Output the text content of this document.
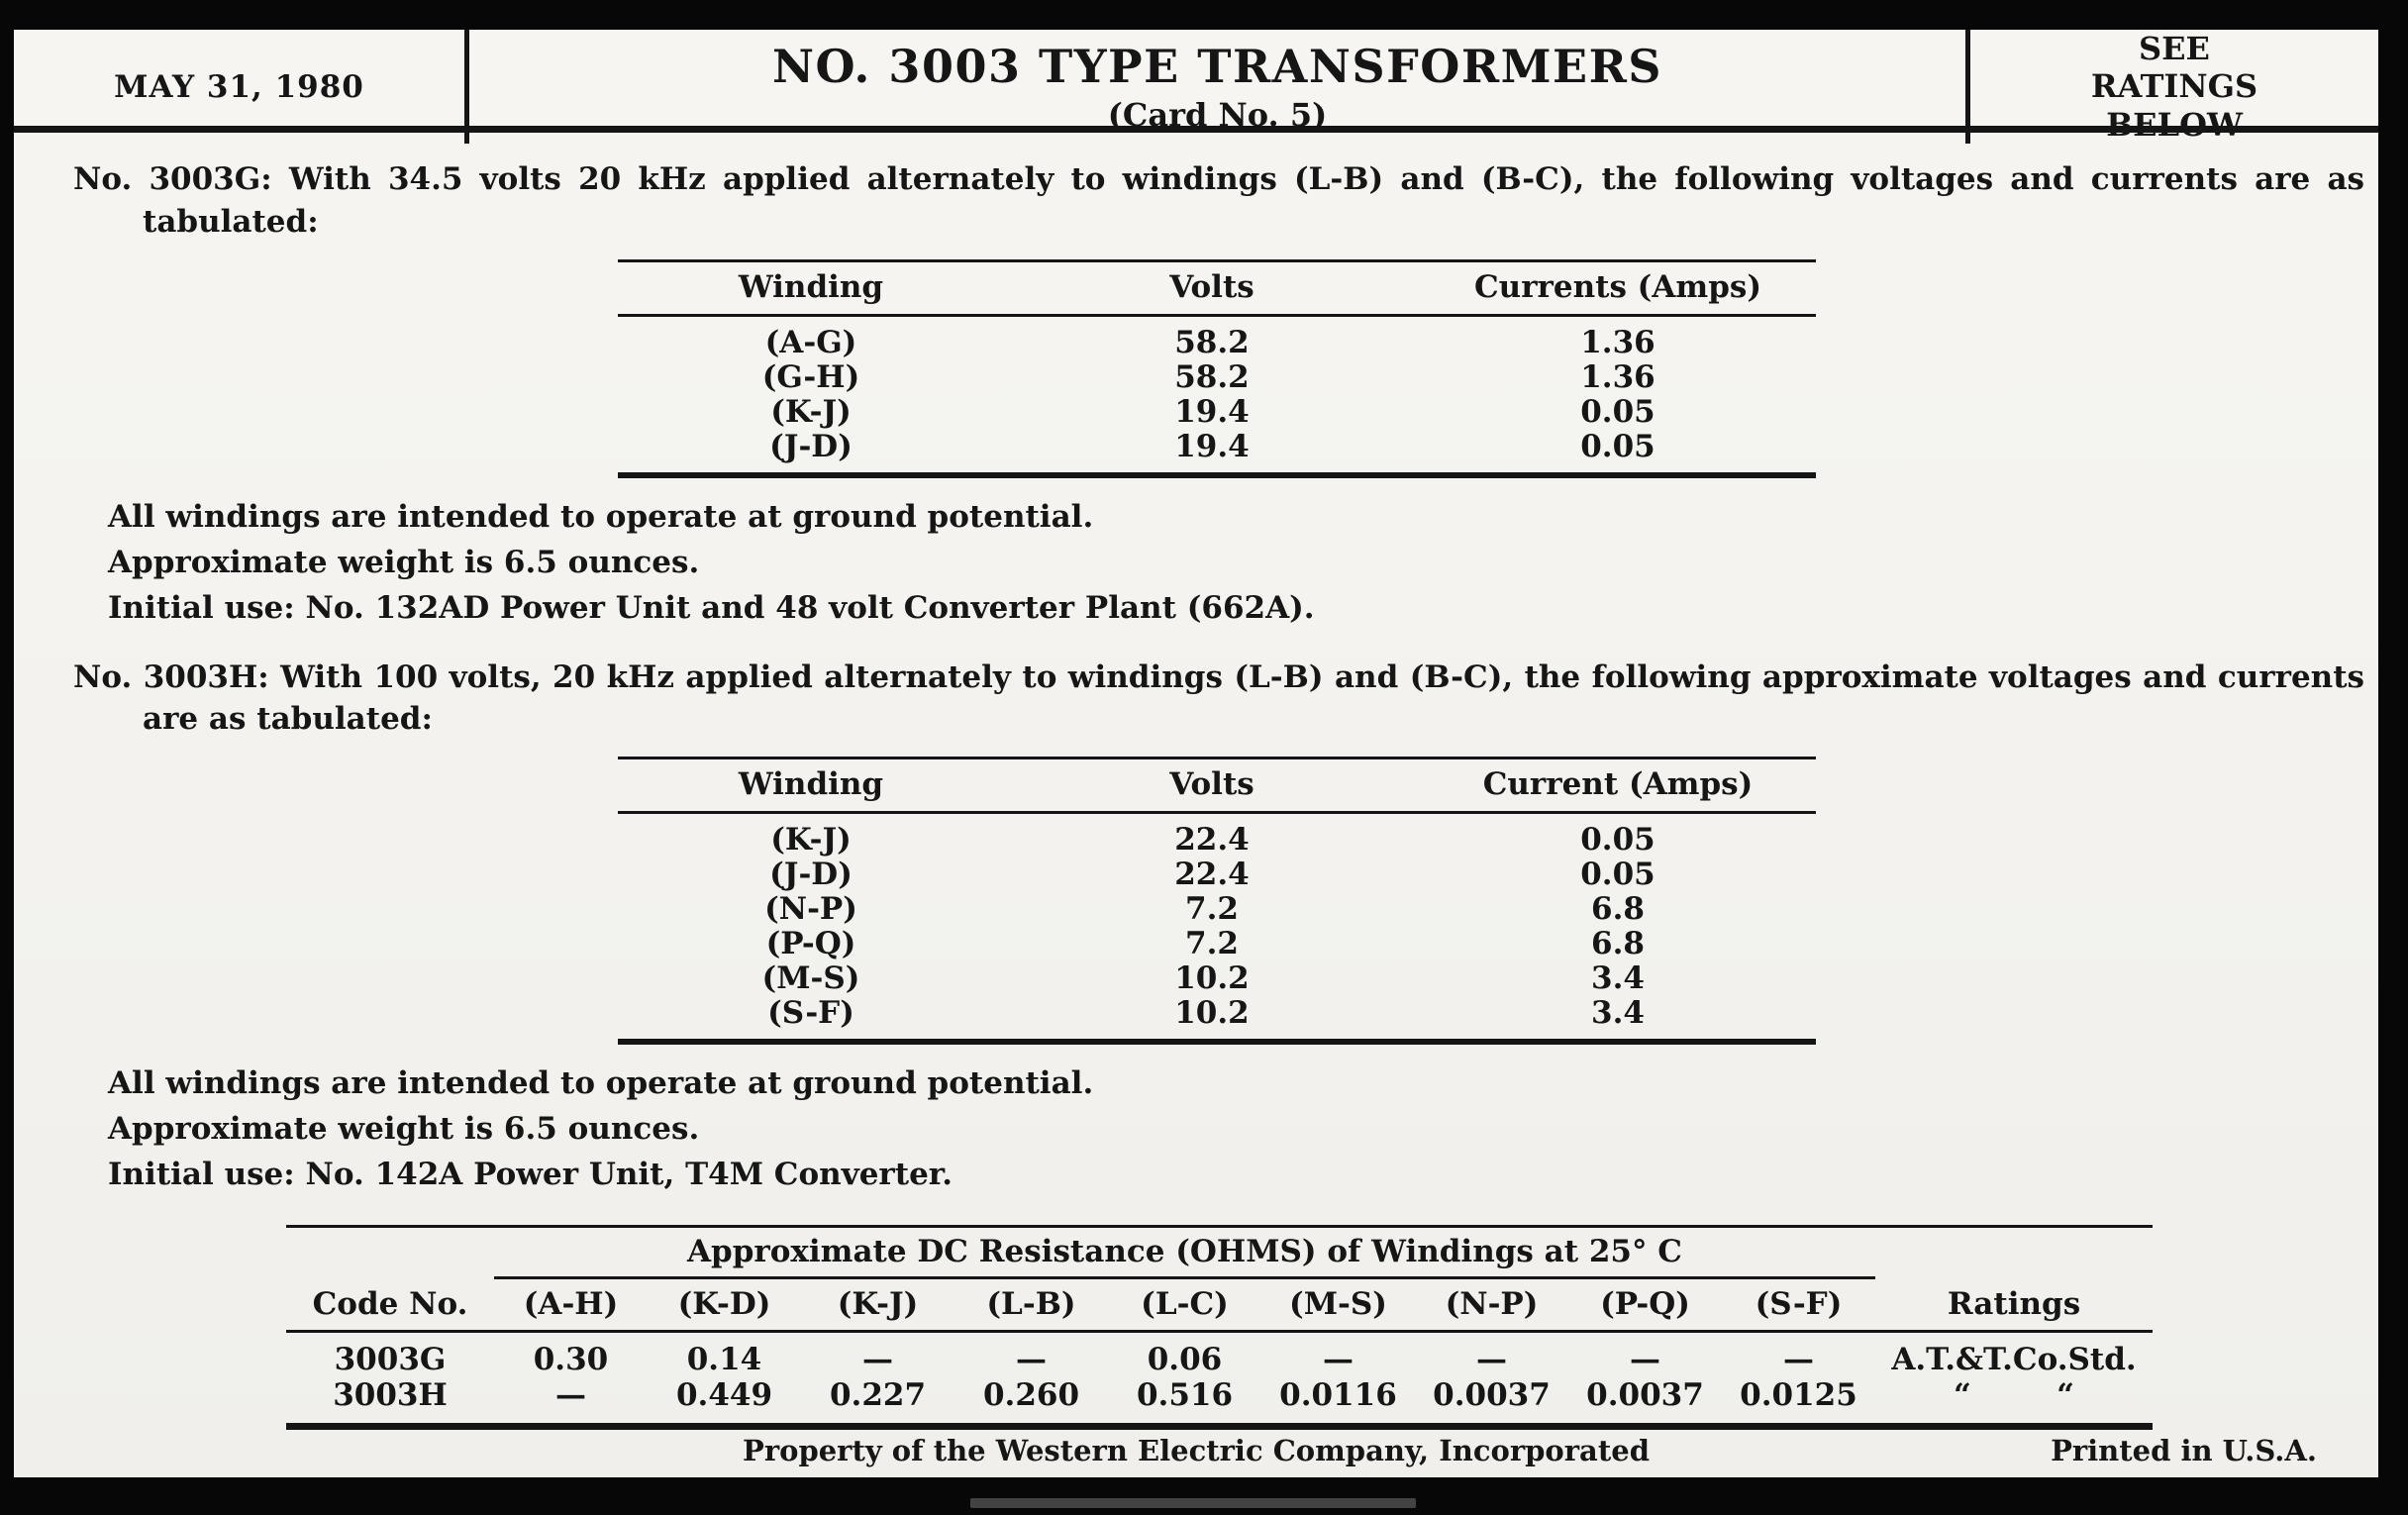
MAY 31, 1980	NO. 3003 TYPE TRANSFORMERS
(Card No. 5)
SEE RATINGS BELOW

No. 3003G: With 34.5 volts 20 kHz applied alternately to windings (L-B) and (B-C), the following voltages and currents are as tabulated:

Winding	Volts	Currents (Amps)
(A-G)	58.2	1.36
(G-H)	58.2	1.36
(K-J)	19.4	0.05
(J-D)	19.4	0.05

All windings are intended to operate at ground potential.

Approximate weight is 6.5 ounces.

Initial use: No. 132AD Power Unit and 48 volt Converter Plant (662A).

No. 3003H: With 100 volts, 20 kHz applied alternately to windings (L-B) and (B-C), the following approximate voltages and currents are as tabulated:

Winding	Volts	Current (Amps)
(K-J)	22.4	0.05
(J-D)	22.4	0.05
(N-P)	7.2	6.8
(P-Q)	7.2	6.8
(M-S)	10.2	3.4
(S-F)	10.2	3.4

All windings are intended to operate at ground potential.

Approximate weight is 6.5 ounces.

Initial use: No. 142A Power Unit, T4M Converter.

Approximate DC Resistance (OHMS) of Windings at 25° C
Code No.	(A-H)	(K-D)	(K-J)	(L-B)	(L-C)	(M-S)	(N-P)	(P-Q)	(S-F)	Ratings
3003G	0.30	0.14	—	—	0.06	—	—	—	—	A.T.&T.Co.Std.
3003H	—	0.449	0.227	0.260	0.516	0.0116	0.0037	0.0037	0.0125	“        “
Property of the Western Electric Company, Incorporated	Printed in U.S.A.
